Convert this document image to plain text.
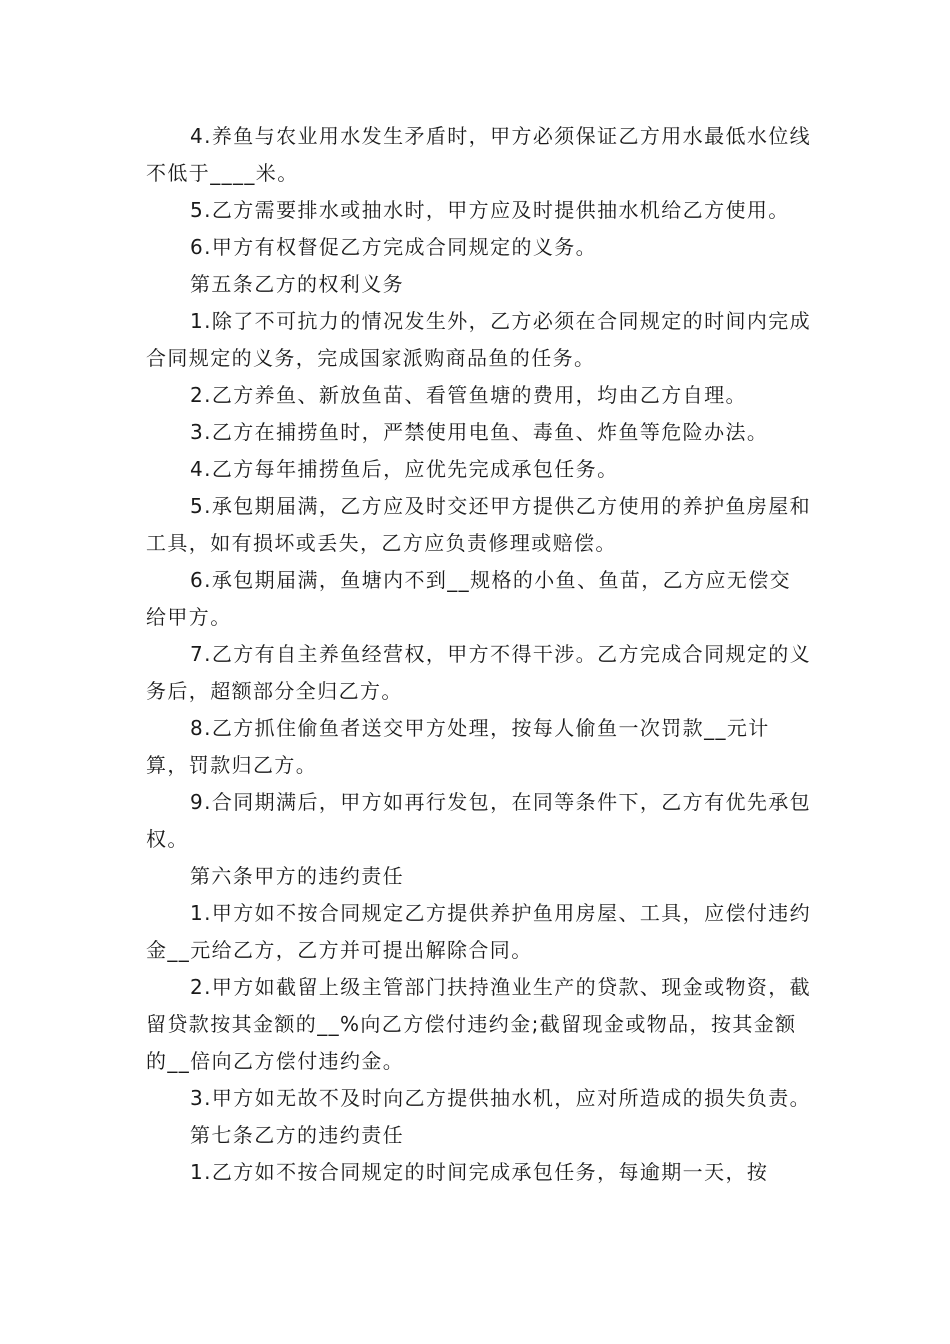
4.养鱼与农业用水发生矛盾时，甲方必须保证乙方用水最低水位线不低于____米。

5.乙方需要排水或抽水时，甲方应及时提供抽水机给乙方使用。

6.甲方有权督促乙方完成合同规定的义务。

第五条乙方的权利义务

1.除了不可抗力的情况发生外，乙方必须在合同规定的时间内完成合同规定的义务，完成国家派购商品鱼的任务。

2.乙方养鱼、新放鱼苗、看管鱼塘的费用，均由乙方自理。

3.乙方在捕捞鱼时，严禁使用电鱼、毒鱼、炸鱼等危险办法。

4.乙方每年捕捞鱼后，应优先完成承包任务。

5.承包期届满，乙方应及时交还甲方提供乙方使用的养护鱼房屋和工具，如有损坏或丢失，乙方应负责修理或赔偿。

6.承包期届满，鱼塘内不到__规格的小鱼、鱼苗，乙方应无偿交给甲方。

7.乙方有自主养鱼经营权，甲方不得干涉。乙方完成合同规定的义务后，超额部分全归乙方。

8.乙方抓住偷鱼者送交甲方处理，按每人偷鱼一次罚款__元计算，罚款归乙方。

9.合同期满后，甲方如再行发包，在同等条件下，乙方有优先承包权。

第六条甲方的违约责任

1.甲方如不按合同规定乙方提供养护鱼用房屋、工具，应偿付违约金__元给乙方，乙方并可提出解除合同。

2.甲方如截留上级主管部门扶持渔业生产的贷款、现金或物资，截留贷款按其金额的__%向乙方偿付违约金;截留现金或物品，按其金额的__倍向乙方偿付违约金。

3.甲方如无故不及时向乙方提供抽水机，应对所造成的损失负责。

第七条乙方的违约责任

1.乙方如不按合同规定的时间完成承包任务，每逾期一天，按
